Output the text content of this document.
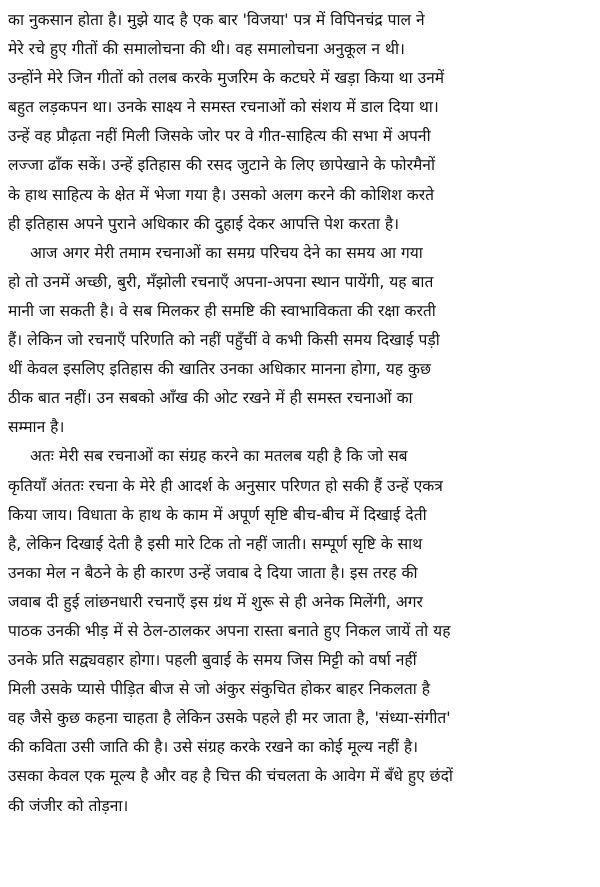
का नुकसान होता है। मुझे याद है एक बार 'विजया' पत्र में विपिनचंद्र पाल ने
मेरे रचे हुए गीतों की समालोचना की थी। वह समालोचना अनुकूल न थी।
उन्होंने मेरे जिन गीतों को तलब करके मुजरिम के कटघरे में खड़ा किया था उनमें
बहुत लड़कपन था। उनके साक्ष्य ने समस्त रचनाओं को संशय में डाल दिया था।
उन्हें वह प्रौढ़ता नहीं मिली जिसके जोर पर वे गीत-साहित्य की सभा में अपनी
लज्जा ढाँक सकें। उन्हें इतिहास की रसद जुटाने के लिए छापेखाने के फोरमैनों
के हाथ साहित्य के क्षेत में भेजा गया है। उसको अलग करने की कोशिश करते
ही इतिहास अपने पुराने अधिकार की दुहाई देकर आपत्ति पेश करता है।
आज अगर मेरी तमाम रचनाओं का समग्र परिचय देने का समय आ गया
हो तो उनमें अच्छी, बुरी, मँझोली रचनाएँ अपना-अपना स्थान पायेंगी, यह बात
मानी जा सकती है। वे सब मिलकर ही समष्टि की स्वाभाविकता की रक्षा करती
हैं। लेकिन जो रचनाएँ परिणति को नहीं पहुँचीं वे कभी किसी समय दिखाई पड़ी
थीं केवल इसलिए इतिहास की खातिर उनका अधिकार मानना होगा, यह कुछ
ठीक बात नहीं। उन सबको आँख की ओट रखने में ही समस्त रचनाओं का
सम्मान है।
अतः मेरी सब रचनाओं का संग्रह करने का मतलब यही है कि जो सब
कृतियाँ अंततः रचना के मेरे ही आदर्श के अनुसार परिणत हो सकी हैं उन्हें एकत्र
किया जाय। विधाता के हाथ के काम में अपूर्ण सृष्टि बीच-बीच में दिखाई देती
है, लेकिन दिखाई देती है इसी मारे टिक तो नहीं जाती। सम्पूर्ण सृष्टि के साथ
उनका मेल न बैठने के ही कारण उन्हें जवाब दे दिया जाता है। इस तरह की
जवाब दी हुई लांछनधारी रचनाएँ इस ग्रंथ में शुरू से ही अनेक मिलेंगी, अगर
पाठक उनकी भीड़ में से ठेल-ठालकर अपना रास्ता बनाते हुए निकल जायें तो यह
उनके प्रति सद्व्यवहार होगा। पहली बुवाई के समय जिस मिट्टी को वर्षा नहीं
मिली उसके प्यासे पीड़ित बीज से जो अंकुर संकुचित होकर बाहर निकलता है
वह जैसे कुछ कहना चाहता है लेकिन उसके पहले ही मर जाता है, 'संध्या-संगीत'
की कविता उसी जाति की है। उसे संग्रह करके रखने का कोई मूल्य नहीं है।
उसका केवल एक मूल्य है और वह है चित्त की चंचलता के आवेग में बँधे हुए छंदों
की जंजीर को तोड़ना।
